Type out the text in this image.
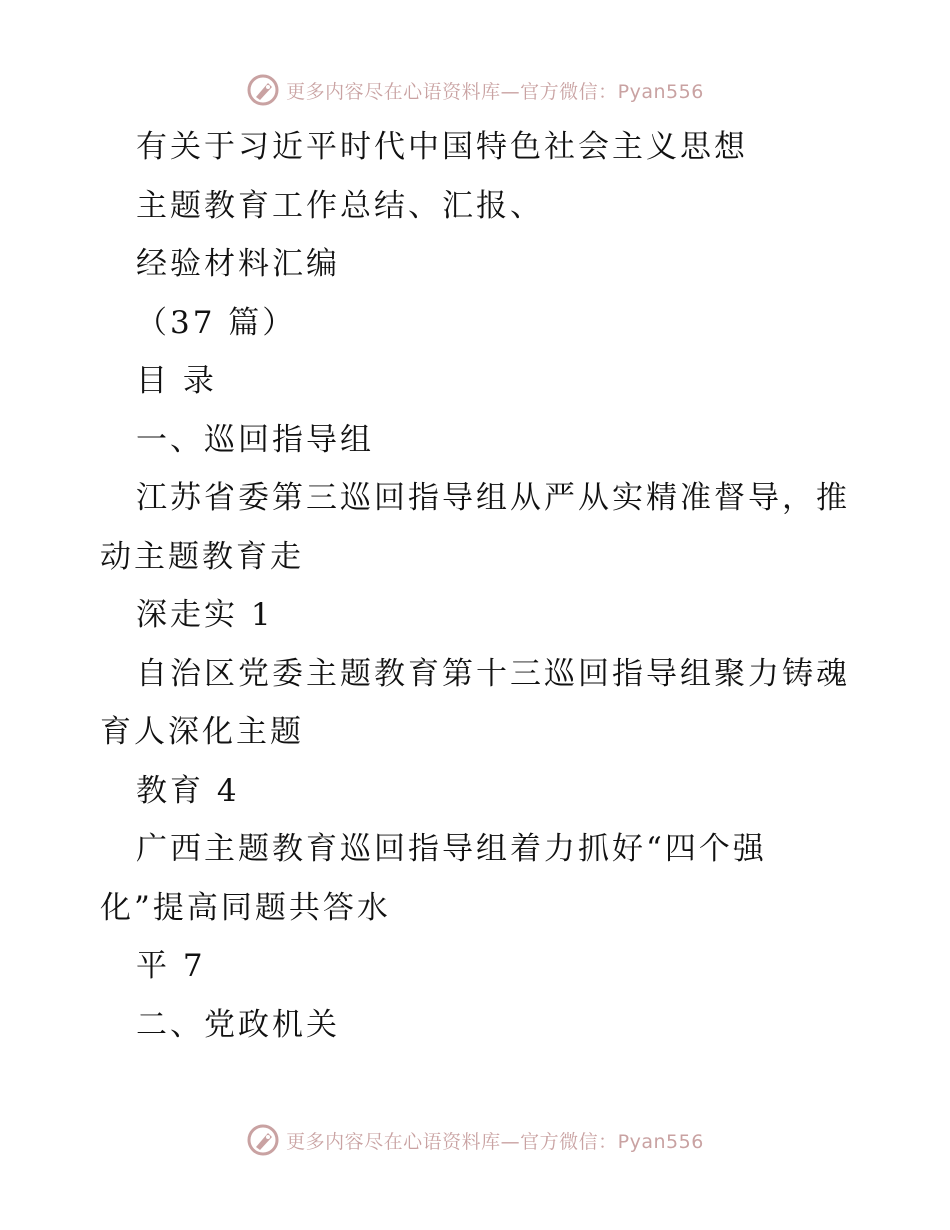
更多内容尽在心语资料库—官方微信：Pyan556
有关于习近平时代中国特色社会主义思想
主题教育工作总结、汇报、
经验材料汇编
（37 篇）
目 录
一、巡回指导组
江苏省委第三巡回指导组从严从实精准督导，推
动主题教育走
深走实 1
自治区党委主题教育第十三巡回指导组聚力铸魂
育人深化主题
教育 4
广西主题教育巡回指导组着力抓好“四个强
化”提高同题共答水
平 7
二、党政机关
更多内容尽在心语资料库—官方微信：Pyan556
